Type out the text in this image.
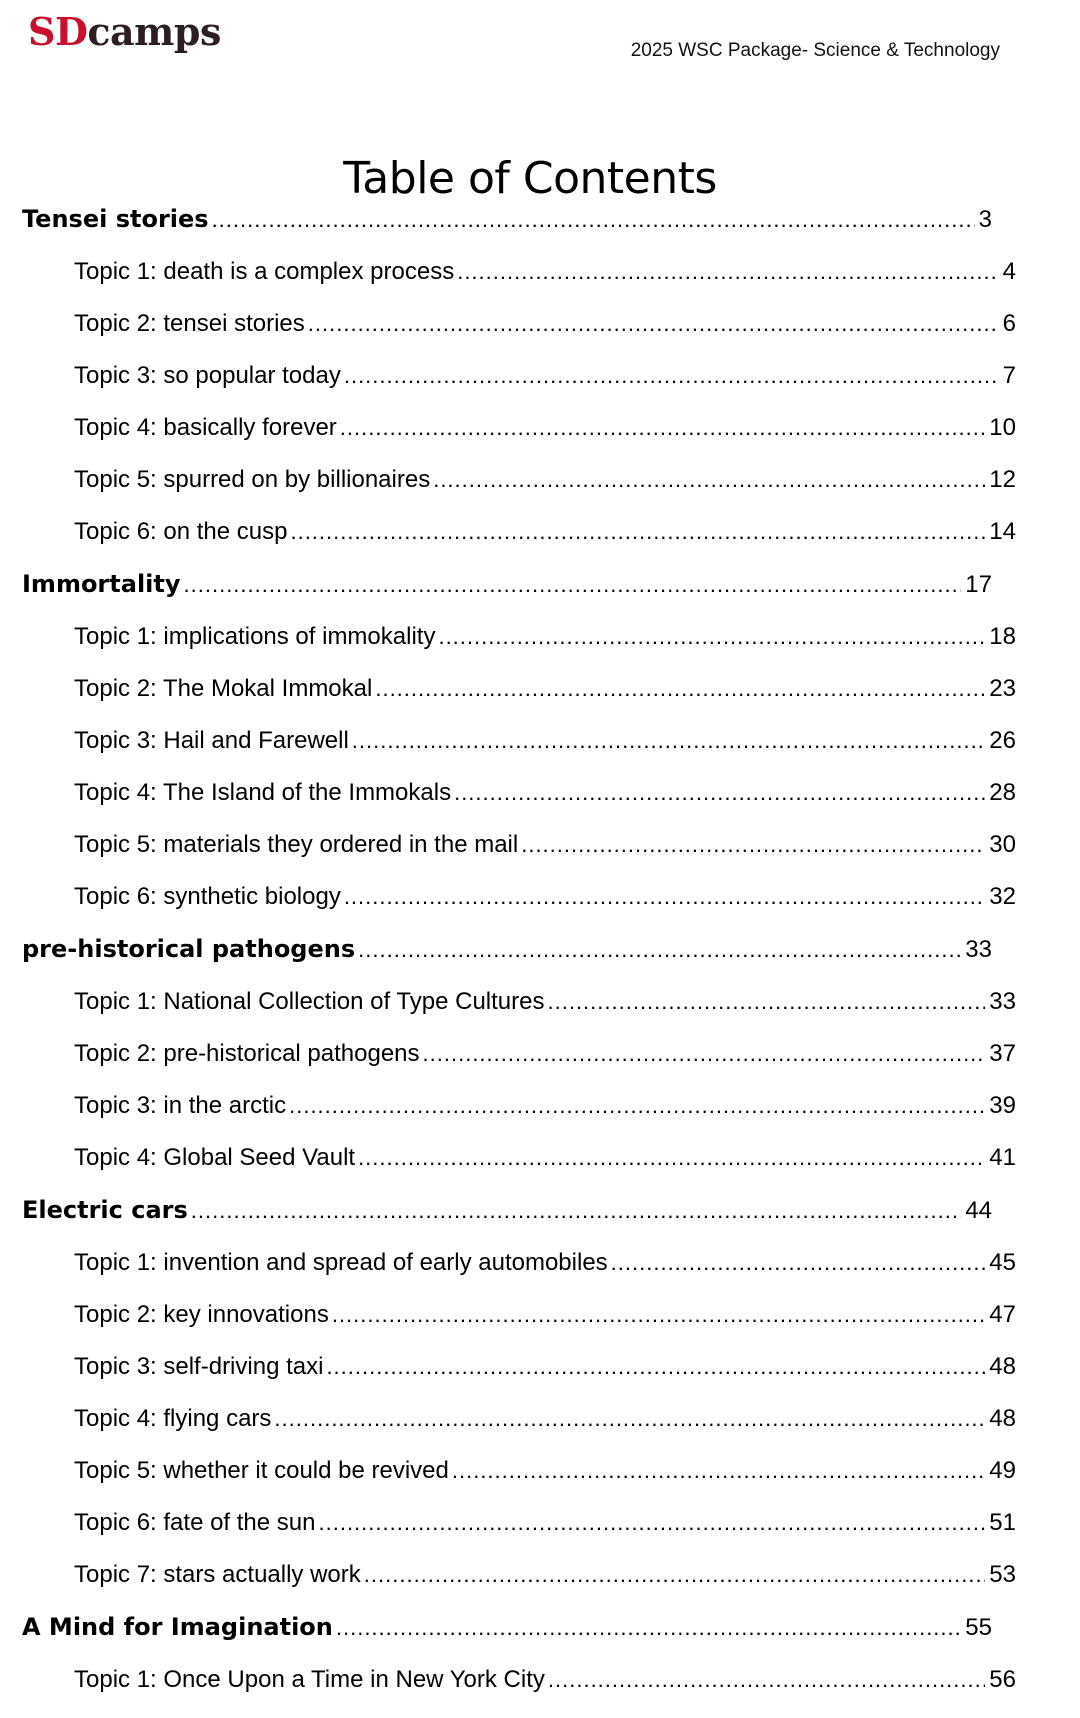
SDcamps	2025 WSC Package- Science & Technology
Table of Contents
Tensei stories .....	3
Topic 1: death is a complex process .....	4
Topic 2: tensei stories .....	6
Topic 3: so popular today .....	7
Topic 4: basically forever .....	10
Topic 5: spurred on by billionaires .....	12
Topic 6: on the cusp .....	14
Immortality .....	17
Topic 1: implications of immokality .....	18
Topic 2: The Mokal Immokal .....	23
Topic 3: Hail and Farewell .....	26
Topic 4: The Island of the Immokals .....	28
Topic 5: materials they ordered in the mail .....	30
Topic 6: synthetic biology .....	32
pre-historical pathogens .....	33
Topic 1: National Collection of Type Cultures .....	33
Topic 2: pre-historical pathogens .....	37
Topic 3: in the arctic .....	39
Topic 4: Global Seed Vault .....	41
Electric cars .....	44
Topic 1: invention and spread of early automobiles .....	45
Topic 2: key innovations .....	47
Topic 3: self-driving taxi .....	48
Topic 4: flying cars .....	48
Topic 5: whether it could be revived .....	49
Topic 6: fate of the sun .....	51
Topic 7: stars actually work .....	53
A Mind for Imagination .....	55
Topic 1: Once Upon a Time in New York City .....	56
